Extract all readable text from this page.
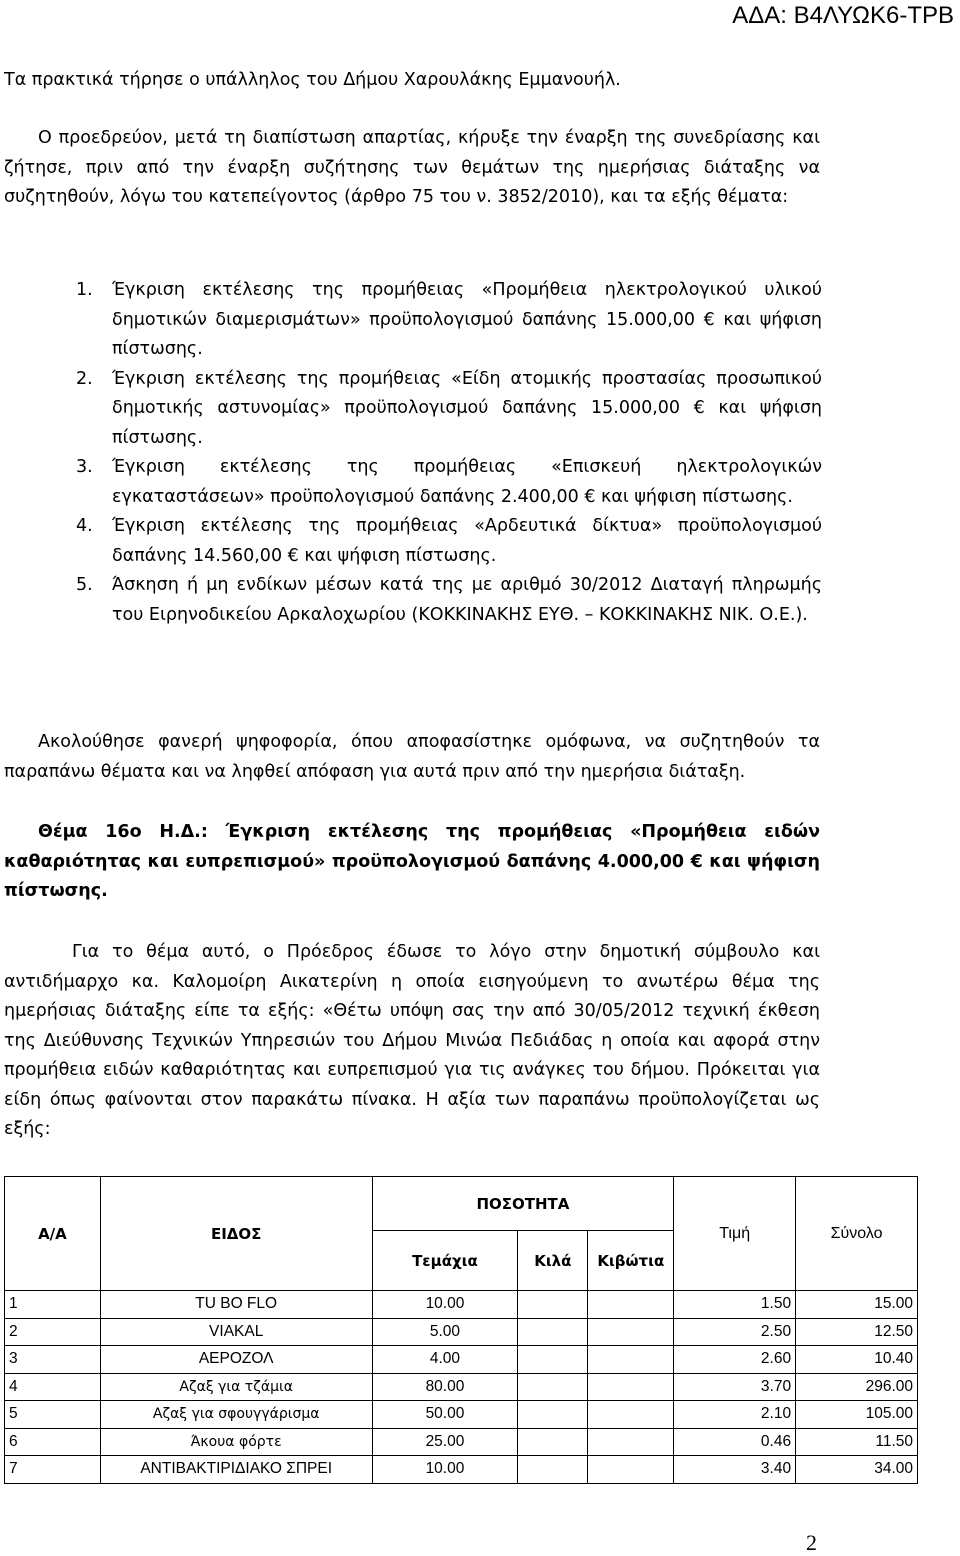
ΑΔΑ: Β4ΛΥΩΚ6-ΤΡΒ

Τα πρακτικά τήρησε ο υπάλληλος του Δήμου Χαρουλάκης Εμμανουήλ.

Ο προεδρεύον, μετά τη διαπίστωση απαρτίας, κήρυξε την έναρξη της συνεδρίασης και ζήτησε, πριν από την έναρξη συζήτησης των θεμάτων της ημερήσιας διάταξης να συζητηθούν, λόγω του κατεπείγοντος (άρθρο 75 του ν. 3852/2010), και τα εξής θέματα:

1. Έγκριση εκτέλεσης της προμήθειας «Προμήθεια ηλεκτρολογικού υλικού δημοτικών διαμερισμάτων» προϋπολογισμού δαπάνης 15.000,00 € και ψήφιση πίστωσης.
2. Έγκριση εκτέλεσης της προμήθειας «Είδη ατομικής προστασίας προσωπικού δημοτικής αστυνομίας» προϋπολογισμού δαπάνης 15.000,00 € και ψήφιση πίστωσης.
3. Έγκριση εκτέλεσης της προμήθειας «Επισκευή ηλεκτρολογικών εγκαταστάσεων» προϋπολογισμού δαπάνης 2.400,00 € και ψήφιση πίστωσης.
4. Έγκριση εκτέλεσης της προμήθειας «Αρδευτικά δίκτυα» προϋπολογισμού δαπάνης 14.560,00 € και ψήφιση πίστωσης.
5. Άσκηση ή μη ενδίκων μέσων κατά της με αριθμό 30/2012 Διαταγή πληρωμής του Ειρηνοδικείου Αρκαλοχωρίου (ΚΟΚΚΙΝΑΚΗΣ ΕΥΘ. – ΚΟΚΚΙΝΑΚΗΣ ΝΙΚ. Ο.Ε.).

Ακολούθησε φανερή ψηφοφορία, όπου αποφασίστηκε ομόφωνα, να συζητηθούν τα παραπάνω θέματα και να ληφθεί απόφαση για αυτά πριν από την ημερήσια διάταξη.

Θέμα 16ο Η.Δ.: Έγκριση εκτέλεσης της προμήθειας «Προμήθεια ειδών καθαριότητας και ευπρεπισμού» προϋπολογισμού δαπάνης 4.000,00 € και ψήφιση πίστωσης.

Για το θέμα αυτό, ο Πρόεδρος έδωσε το λόγο στην δημοτική σύμβουλο και αντιδήμαρχο κα. Καλομοίρη Αικατερίνη η οποία εισηγούμενη το ανωτέρω θέμα της ημερήσιας διάταξης είπε τα εξής: «Θέτω υπόψη σας την από 30/05/2012 τεχνική έκθεση της Διεύθυνσης Τεχνικών Υπηρεσιών του Δήμου Μινώα Πεδιάδας η οποία και αφορά στην προμήθεια ειδών καθαριότητας και ευπρεπισμού για τις ανάγκες του δήμου. Πρόκειται για είδη όπως φαίνονται στον παρακάτω πίνακα. Η αξία των παραπάνω προϋπολογίζεται ως εξής:

Α/Α	ΕΙΔΟΣ	ΠΟΣΟΤΗΤΑ			Τιμή	Σύνολο
		Τεμάχια	Κιλά	Κιβώτια		
1	TU BO FLO	10.00			1.50	15.00
2	VIAKAL	5.00			2.50	12.50
3	ΑΕΡΟΖΟΛ	4.00			2.60	10.40
4	Αζαξ για τζάμια	80.00			3.70	296.00
5	Αζαξ για σφουγγάρισμα	50.00			2.10	105.00
6	Άκουα φόρτε	25.00			0.46	11.50
7	ΑΝΤΙΒΑΚΤΙΡΙΔΙΑΚΟ ΣΠΡΕΙ	10.00			3.40	34.00
2
